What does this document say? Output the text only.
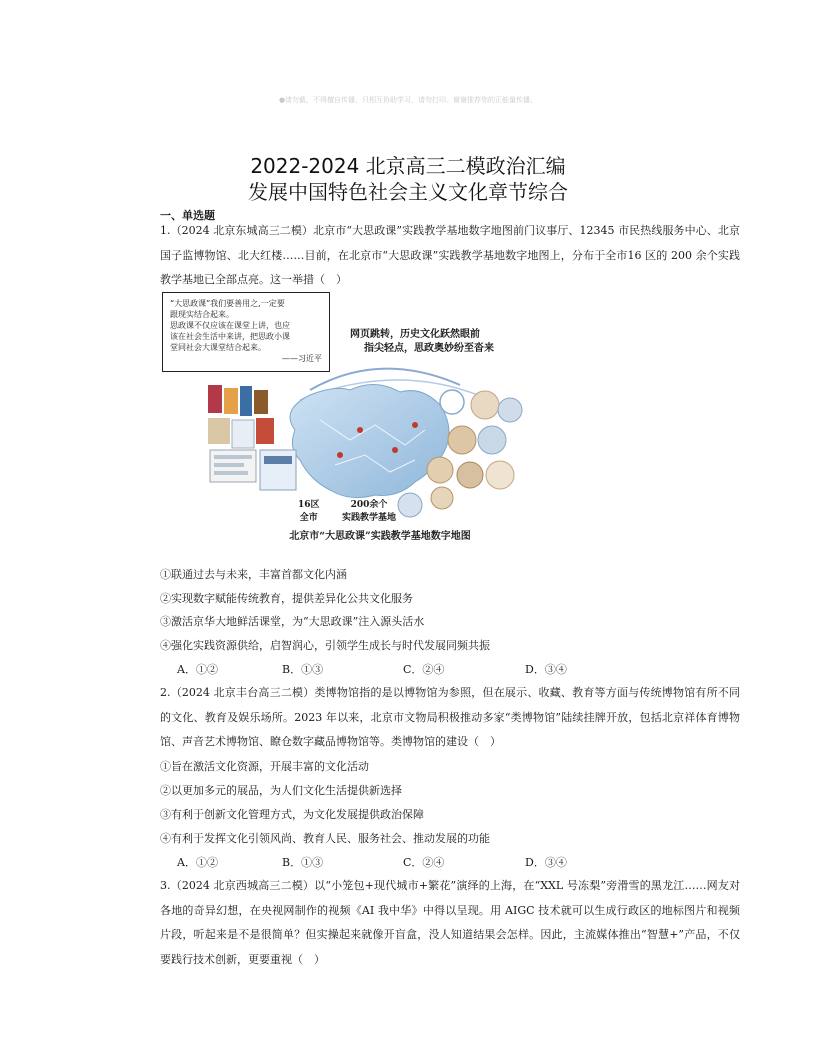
●请勿截，不得擅自传播，只相互协助学习，请勿打印。谢谢推荐您的正能量传播。
2022-2024 北京高三二模政治汇编
发展中国特色社会主义文化章节综合
一、单选题
1.（2024 北京东城高三二模）北京市“大思政课”实践教学基地数字地图前门议事厅、12345 市民热线服务中心、北京国子监博物馆、北大红楼……目前，在北京市“大思政课”实践教学基地数字地图上，分布于全市16 区的 200 余个实践教学基地已全部点亮。这一举措（　）
“大思政课”我们要善用之,一定要
跟现实结合起来。
思政课不仅应该在课堂上讲，也应
该在社会生活中来讲，把思政小课
堂同社会大课堂结合起来。
——习近平
网页跳转，历史文化跃然眼前
指尖轻点，思政奥妙纷至沓来
16区
全市
200余个
实践教学基地
北京市“大思政课”实践教学基地数字地图
①联通过去与未来，丰富首都文化内涵
②实现数字赋能传统教育，提供差异化公共文化服务
③激活京华大地鲜活课堂，为“大思政课”注入源头活水
④强化实践资源供给，启智润心，引领学生成长与时代发展同频共振
A．①②	B．①③	C．②④	D．③④
2.（2024 北京丰台高三二模）类博物馆指的是以博物馆为参照，但在展示、收藏、教育等方面与传统博物馆有所不同的文化、教育及娱乐场所。2023 年以来，北京市文物局积极推动多家“类博物馆”陆续挂牌开放，包括北京祥体育博物馆、声音艺术博物馆、瞭仓数字藏品博物馆等。类博物馆的建设（　）
①旨在激活文化资源，开展丰富的文化活动
②以更加多元的展品，为人们文化生活提供新选择
③有利于创新文化管理方式，为文化发展提供政治保障
④有利于发挥文化引领风尚、教育人民、服务社会、推动发展的功能
A．①②	B．①③	C．②④	D．③④
3.（2024 北京西城高三二模）以“小笼包+现代城市+繁花”演绎的上海，在“XXL 号冻梨”旁滑雪的黑龙江……网友对各地的奇异幻想，在央视网制作的视频《AI 我中华》中得以呈现。用 AIGC 技术就可以生成行政区的地标图片和视频片段，听起来是不是很简单？但实操起来就像开盲盒，没人知道结果会怎样。因此，主流媒体推出“智慧+”产品，不仅要践行技术创新，更要重视（　）
